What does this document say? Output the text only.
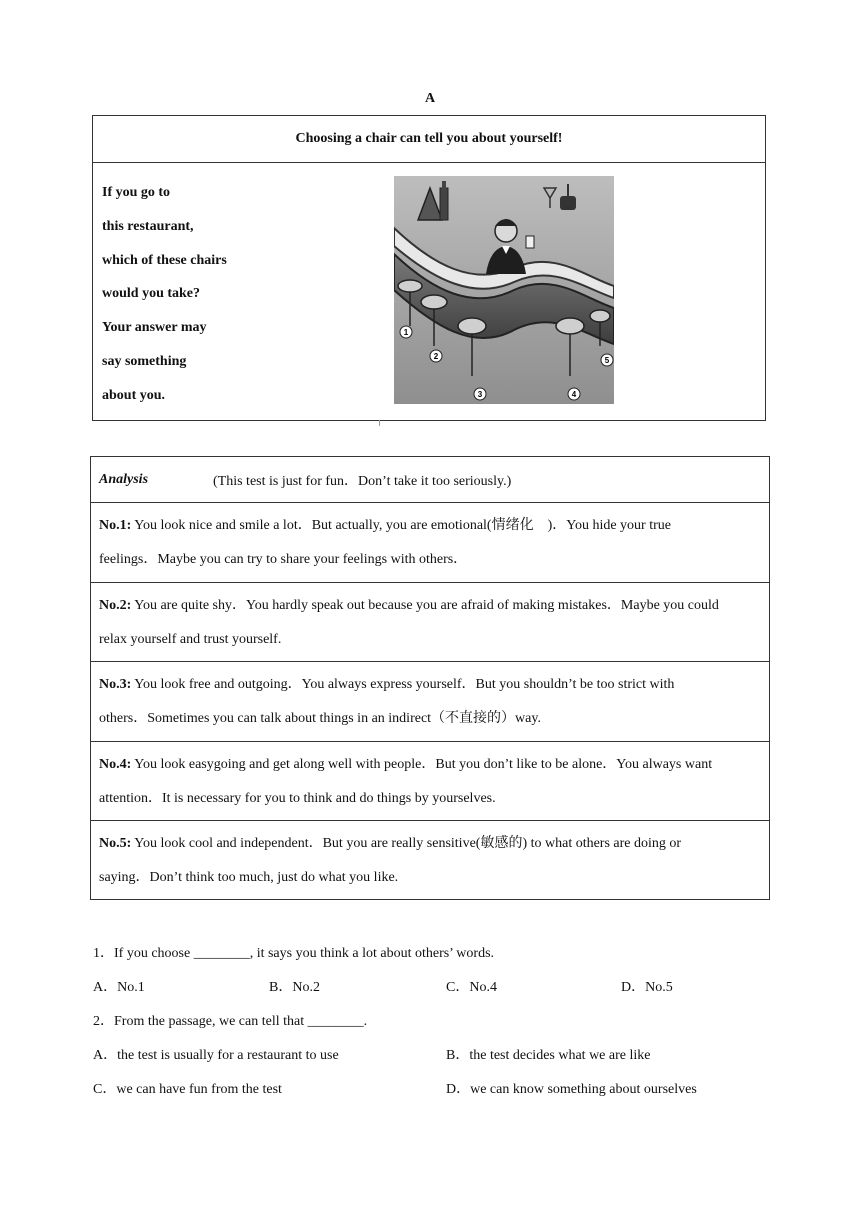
A
Choosing a chair can tell you about yourself!
If you go to
this restaurant,
which of these chairs
would you take?
Your answer may
say something
about you.
1
2
3	4
5
Analysis	(This test is just for fun．Don’t take it too seriously.)
No.1: You look nice and smile a lot．But actually, you are emotional(情绪化　)．You hide your true
feelings．Maybe you can try to share your feelings with others．
No.2: You are quite shy．You hardly speak out because you are afraid of making mistakes．Maybe you could
relax yourself and trust yourself.
No.3: You look free and outgoing．You always express yourself．But you shouldn’t be too strict with
others．Sometimes you can talk about things in an indirect（不直接的）way.
No.4: You look easygoing and get along well with people．But you don’t like to be alone．You always want
attention．It is necessary for you to think and do things by yourselves.
No.5: You look cool and independent．But you are really sensitive(敏感的) to what others are doing or
saying．Don’t think too much, just do what you like.
1．If you choose ________, it says you think a lot about others’ words.
A．No.1	B．No.2	C．No.4	D．No.5
2．From the passage, we can tell that ________.
A．the test is usually for a restaurant to use	B．the test decides what we are like
C．we can have fun from the test	D．we can know something about ourselves
